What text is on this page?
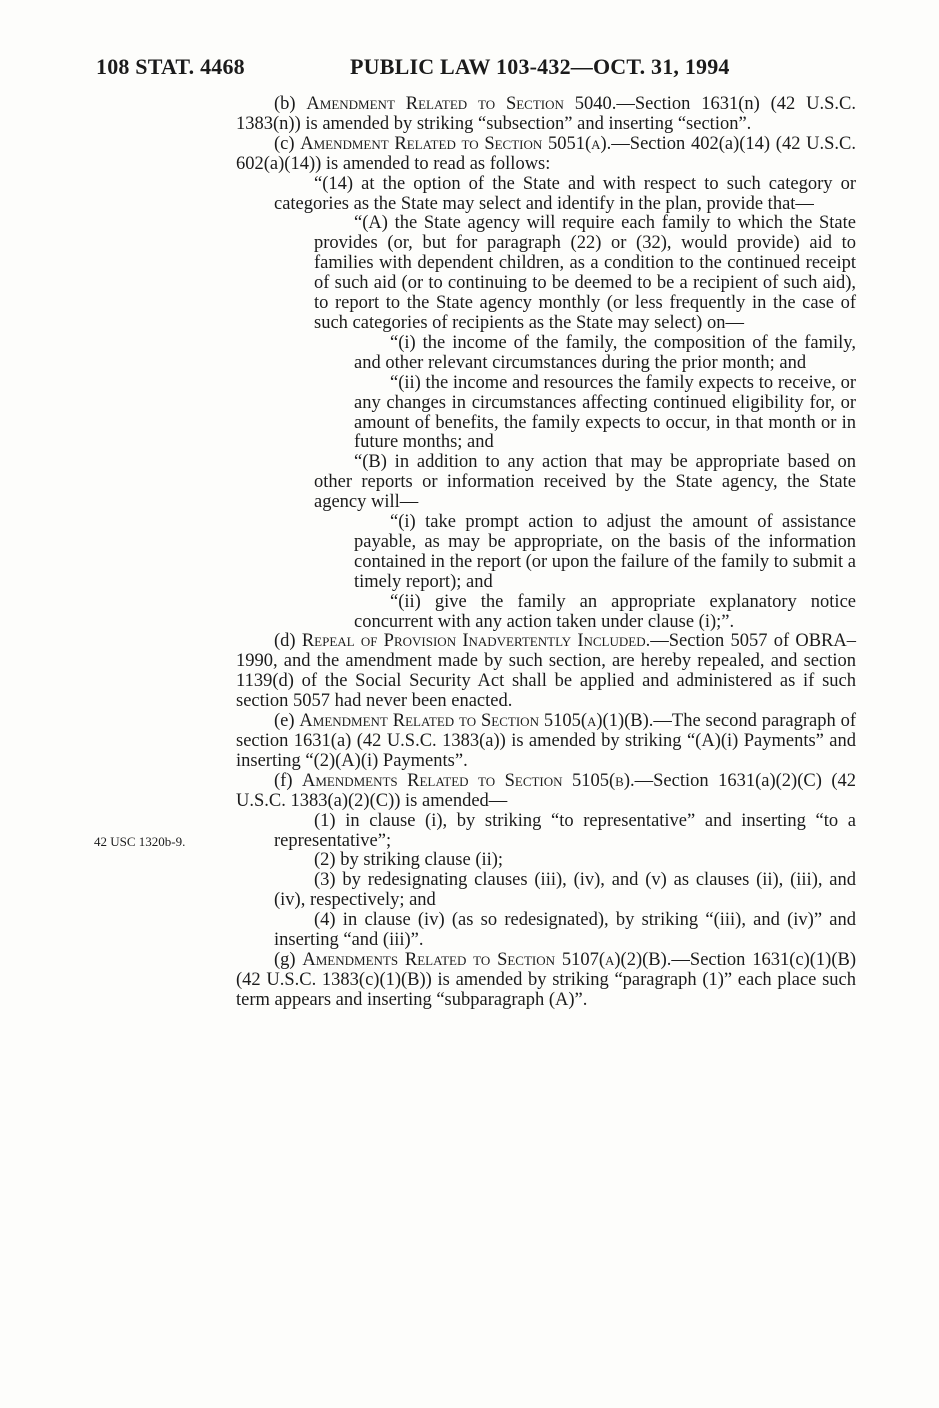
108 STAT. 4468	PUBLIC LAW 103-432—OCT. 31, 1994
42 USC 1320b-9.

(b) Amendment Related to Section 5040.—Section 1631(n) (42 U.S.C. 1383(n)) is amended by striking “subsection” and inserting “section”.

(c) Amendment Related to Section 5051(a).—Section 402(a)(14) (42 U.S.C. 602(a)(14)) is amended to read as follows:

“(14) at the option of the State and with respect to such category or categories as the State may select and identify in the plan, provide that—

“(A) the State agency will require each family to which the State provides (or, but for paragraph (22) or (32), would provide) aid to families with dependent children, as a condition to the continued receipt of such aid (or to continuing to be deemed to be a recipient of such aid), to report to the State agency monthly (or less frequently in the case of such categories of recipients as the State may select) on—

“(i) the income of the family, the composition of the family, and other relevant circumstances during the prior month; and

“(ii) the income and resources the family expects to receive, or any changes in circumstances affecting continued eligibility for, or amount of benefits, the family expects to occur, in that month or in future months; and

“(B) in addition to any action that may be appropriate based on other reports or information received by the State agency, the State agency will—

“(i) take prompt action to adjust the amount of assistance payable, as may be appropriate, on the basis of the information contained in the report (or upon the failure of the family to submit a timely report); and

“(ii) give the family an appropriate explanatory notice concurrent with any action taken under clause (i);”.

(d) Repeal of Provision Inadvertently Included.—Section 5057 of OBRA–1990, and the amendment made by such section, are hereby repealed, and section 1139(d) of the Social Security Act shall be applied and administered as if such section 5057 had never been enacted.

(e) Amendment Related to Section 5105(a)(1)(B).—The second paragraph of section 1631(a) (42 U.S.C. 1383(a)) is amended by striking “(A)(i) Payments” and inserting “(2)(A)(i) Payments”.

(f) Amendments Related to Section 5105(b).—Section 1631(a)(2)(C) (42 U.S.C. 1383(a)(2)(C)) is amended—

(1) in clause (i), by striking “to representative” and inserting “to a representative”;

(2) by striking clause (ii);

(3) by redesignating clauses (iii), (iv), and (v) as clauses (ii), (iii), and (iv), respectively; and

(4) in clause (iv) (as so redesignated), by striking “(iii), and (iv)” and inserting “and (iii)”.

(g) Amendments Related to Section 5107(a)(2)(B).—Section 1631(c)(1)(B) (42 U.S.C. 1383(c)(1)(B)) is amended by striking “paragraph (1)” each place such term appears and inserting “subparagraph (A)”.
